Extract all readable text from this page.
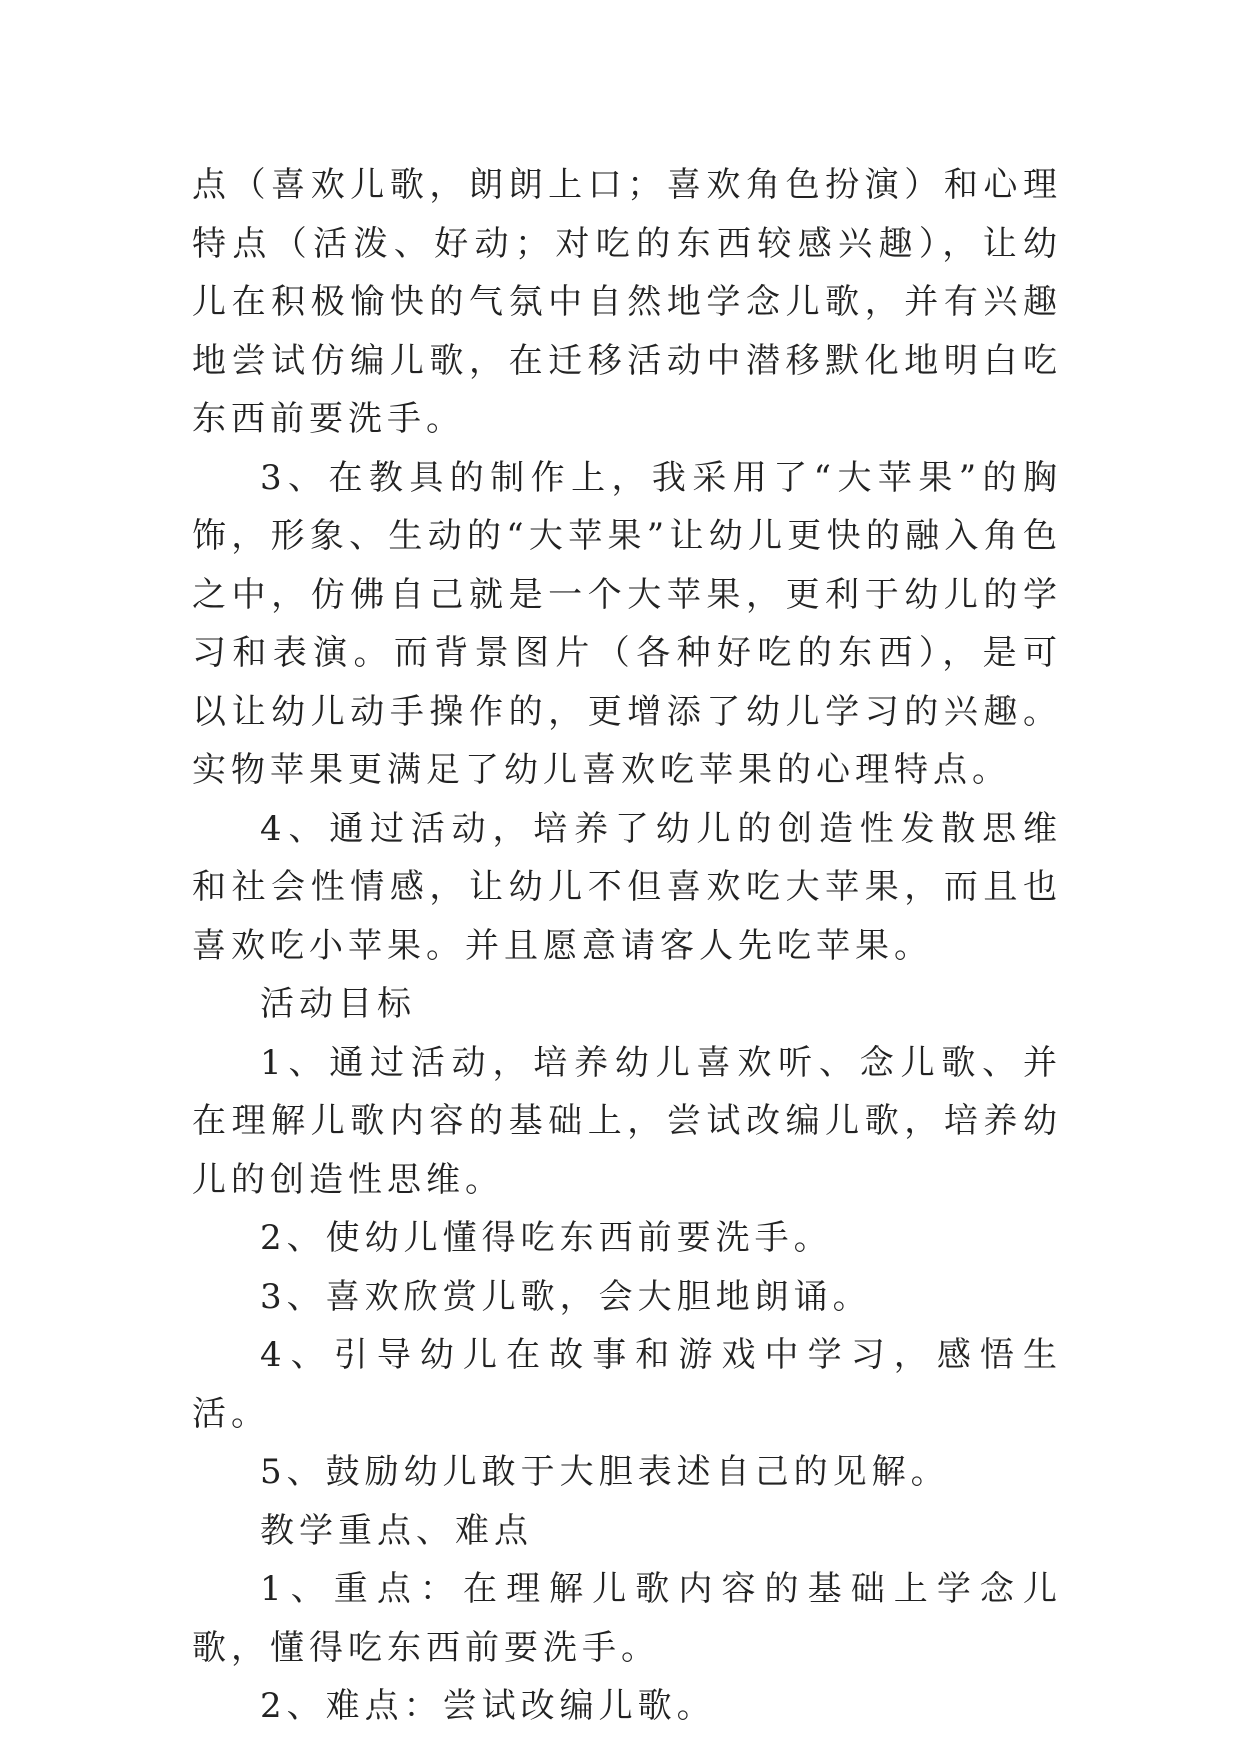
点（喜欢儿歌，朗朗上口；喜欢角色扮演）和心理特点（活泼、好动；对吃的东西较感兴趣），让幼儿在积极愉快的气氛中自然地学念儿歌，并有兴趣地尝试仿编儿歌，在迁移活动中潜移默化地明白吃东西前要洗手。

3、在教具的制作上，我采用了“大苹果”的胸饰，形象、生动的“大苹果”让幼儿更快的融入角色之中，仿佛自己就是一个大苹果，更利于幼儿的学习和表演。而背景图片（各种好吃的东西），是可以让幼儿动手操作的，更增添了幼儿学习的兴趣。实物苹果更满足了幼儿喜欢吃苹果的心理特点。

4、通过活动，培养了幼儿的创造性发散思维和社会性情感，让幼儿不但喜欢吃大苹果，而且也喜欢吃小苹果。并且愿意请客人先吃苹果。

活动目标

1、通过活动，培养幼儿喜欢听、念儿歌、并在理解儿歌内容的基础上，尝试改编儿歌，培养幼儿的创造性思维。

2、使幼儿懂得吃东西前要洗手。

3、喜欢欣赏儿歌，会大胆地朗诵。

4、引导幼儿在故事和游戏中学习，感悟生活。

5、鼓励幼儿敢于大胆表述自己的见解。

教学重点、难点

1、重点：在理解儿歌内容的基础上学念儿歌，懂得吃东西前要洗手。

2、难点：尝试改编儿歌。
